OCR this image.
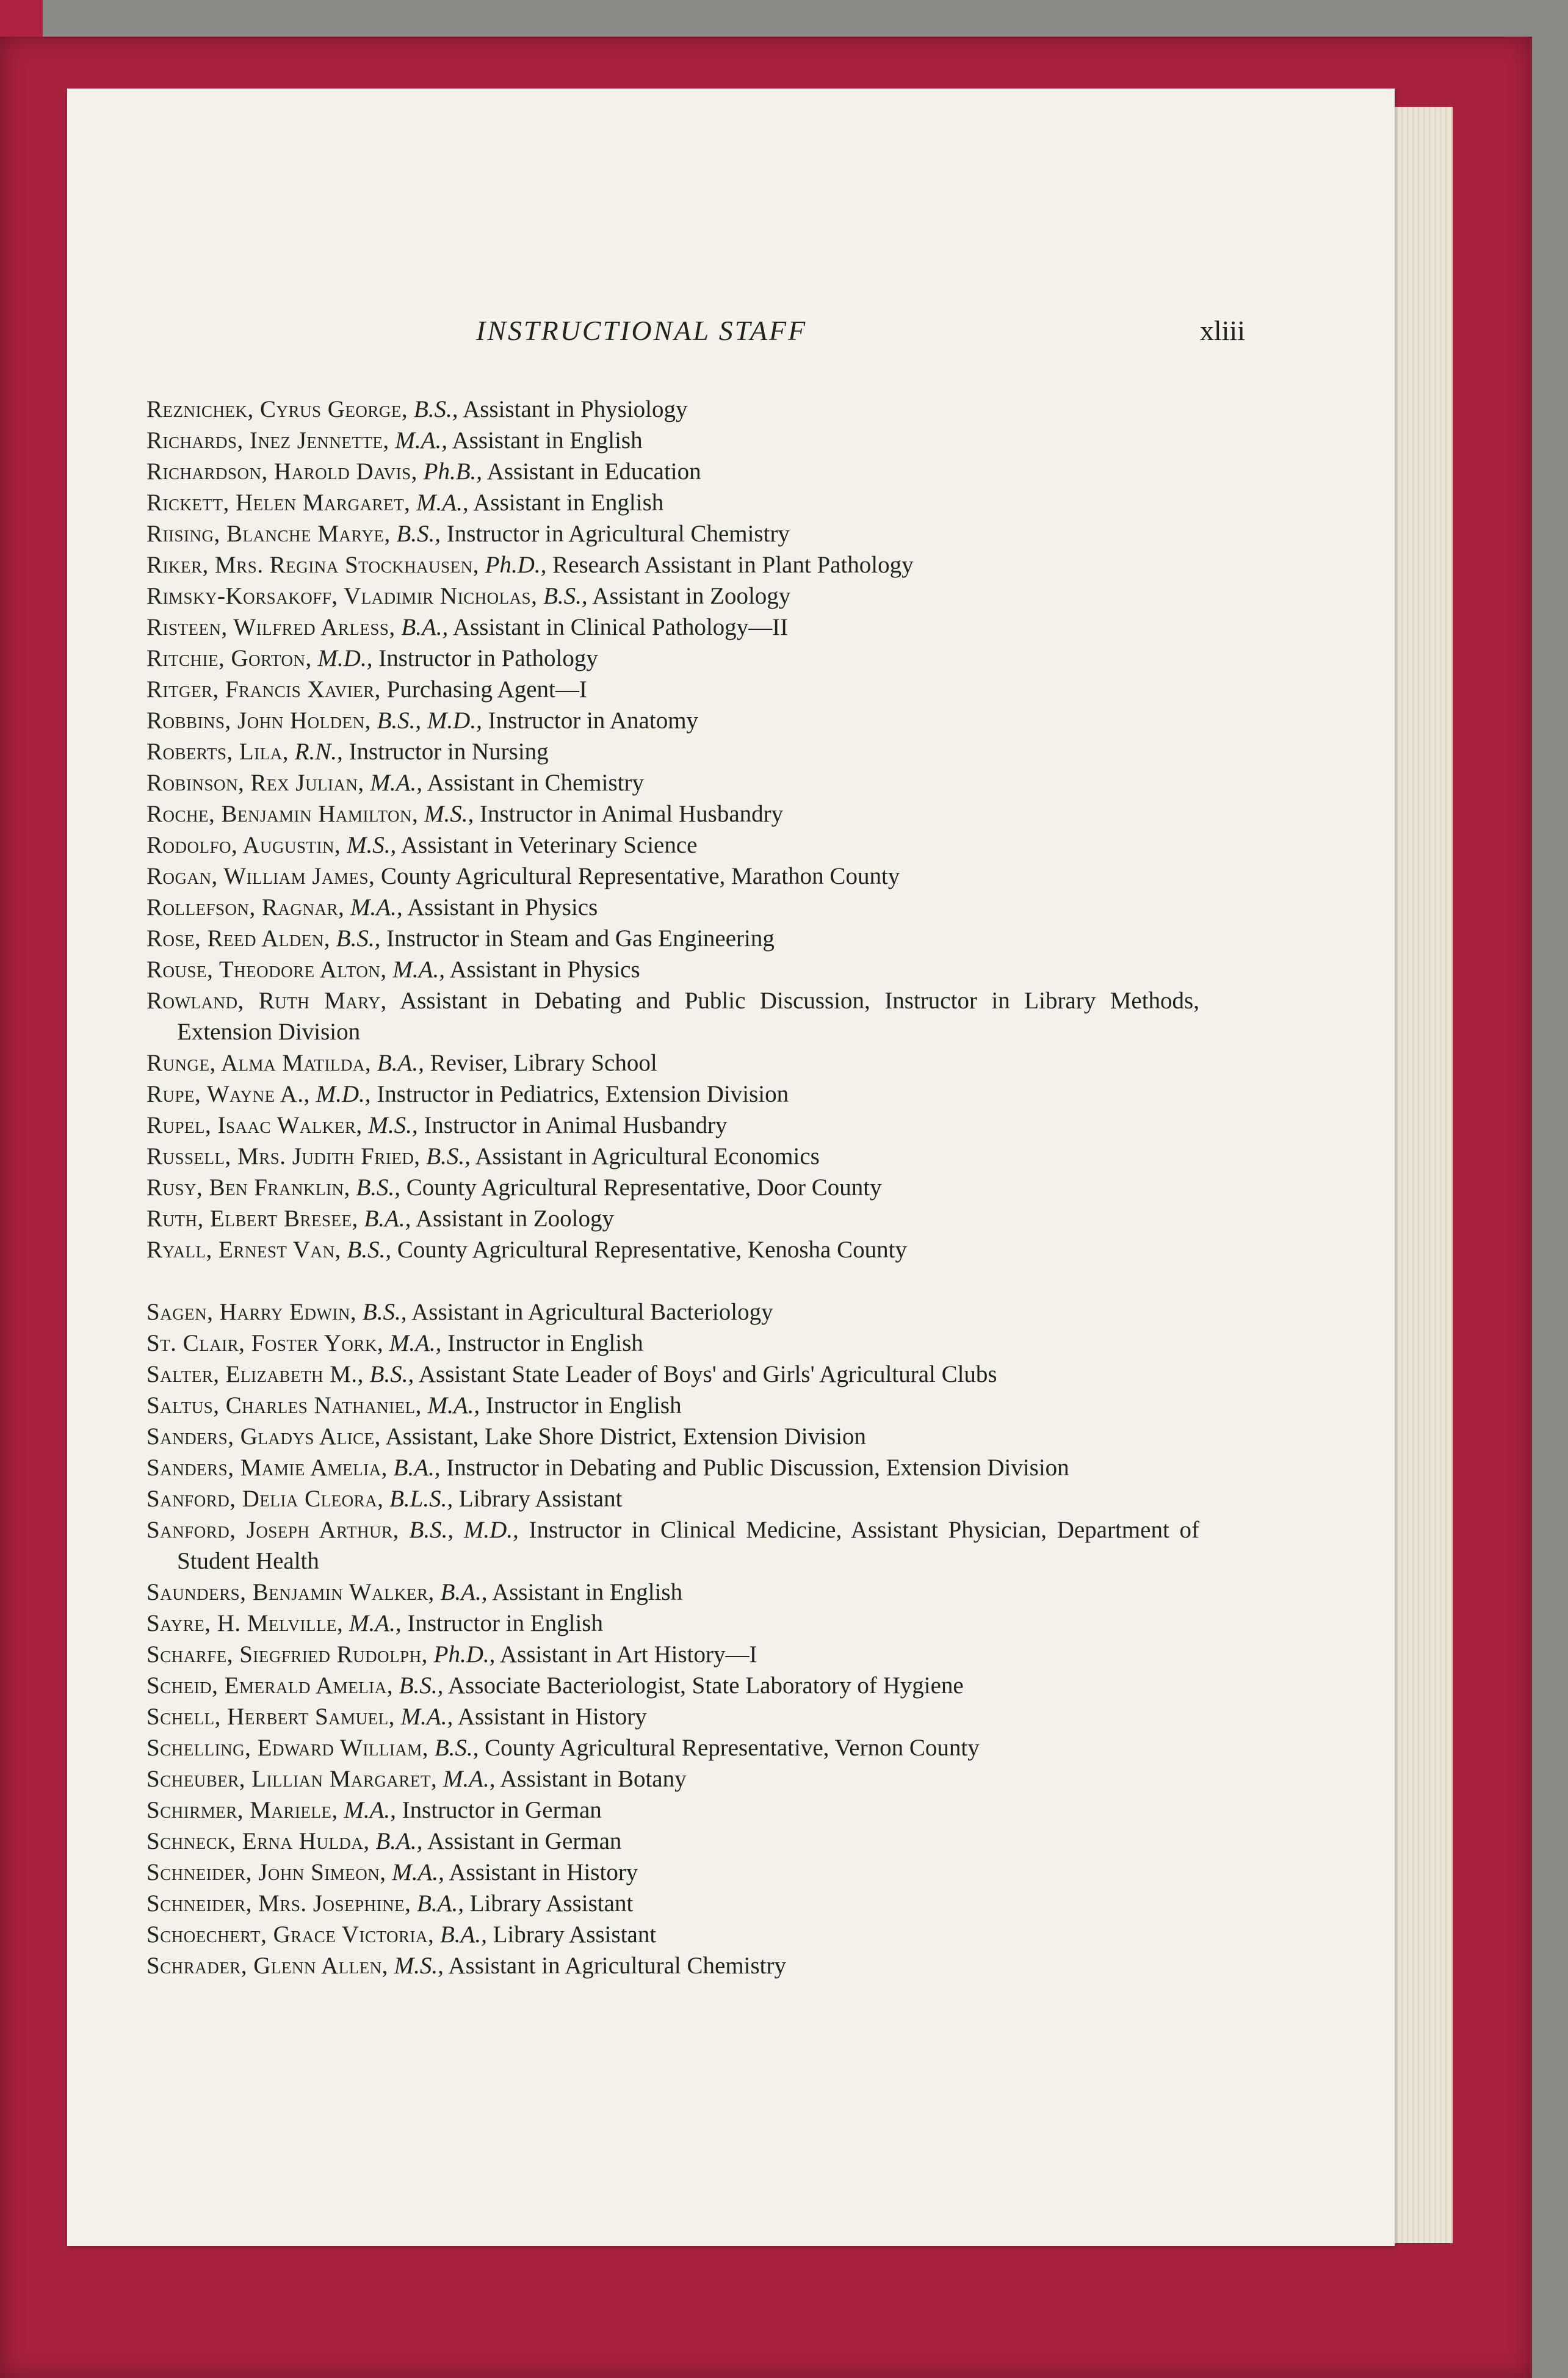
INSTRUCTIONAL STAFF	xliii
Reznichek, Cyrus George, B.S., Assistant in Physiology
Richards, Inez Jennette, M.A., Assistant in English
Richardson, Harold Davis, Ph.B., Assistant in Education
Rickett, Helen Margaret, M.A., Assistant in English
Riising, Blanche Marye, B.S., Instructor in Agricultural Chemistry
Riker, Mrs. Regina Stockhausen, Ph.D., Research Assistant in Plant Pathology
Rimsky-Korsakoff, Vladimir Nicholas, B.S., Assistant in Zoology
Risteen, Wilfred Arless, B.A., Assistant in Clinical Pathology—II
Ritchie, Gorton, M.D., Instructor in Pathology
Ritger, Francis Xavier, Purchasing Agent—I
Robbins, John Holden, B.S., M.D., Instructor in Anatomy
Roberts, Lila, R.N., Instructor in Nursing
Robinson, Rex Julian, M.A., Assistant in Chemistry
Roche, Benjamin Hamilton, M.S., Instructor in Animal Husbandry
Rodolfo, Augustin, M.S., Assistant in Veterinary Science
Rogan, William James, County Agricultural Representative, Marathon County
Rollefson, Ragnar, M.A., Assistant in Physics
Rose, Reed Alden, B.S., Instructor in Steam and Gas Engineering
Rouse, Theodore Alton, M.A., Assistant in Physics
Rowland, Ruth Mary, Assistant in Debating and Public Discussion, Instructor in Library Methods, Extension Division
Runge, Alma Matilda, B.A., Reviser, Library School
Rupe, Wayne A., M.D., Instructor in Pediatrics, Extension Division
Rupel, Isaac Walker, M.S., Instructor in Animal Husbandry
Russell, Mrs. Judith Fried, B.S., Assistant in Agricultural Economics
Rusy, Ben Franklin, B.S., County Agricultural Representative, Door County
Ruth, Elbert Bresee, B.A., Assistant in Zoology
Ryall, Ernest Van, B.S., County Agricultural Representative, Kenosha County
Sagen, Harry Edwin, B.S., Assistant in Agricultural Bacteriology
St. Clair, Foster York, M.A., Instructor in English
Salter, Elizabeth M., B.S., Assistant State Leader of Boys' and Girls' Agricultural Clubs
Saltus, Charles Nathaniel, M.A., Instructor in English
Sanders, Gladys Alice, Assistant, Lake Shore District, Extension Division
Sanders, Mamie Amelia, B.A., Instructor in Debating and Public Discussion, Extension Division
Sanford, Delia Cleora, B.L.S., Library Assistant
Sanford, Joseph Arthur, B.S., M.D., Instructor in Clinical Medicine, Assistant Physician, Department of Student Health
Saunders, Benjamin Walker, B.A., Assistant in English
Sayre, H. Melville, M.A., Instructor in English
Scharfe, Siegfried Rudolph, Ph.D., Assistant in Art History—I
Scheid, Emerald Amelia, B.S., Associate Bacteriologist, State Laboratory of Hygiene
Schell, Herbert Samuel, M.A., Assistant in History
Schelling, Edward William, B.S., County Agricultural Representative, Vernon County
Scheuber, Lillian Margaret, M.A., Assistant in Botany
Schirmer, Mariele, M.A., Instructor in German
Schneck, Erna Hulda, B.A., Assistant in German
Schneider, John Simeon, M.A., Assistant in History
Schneider, Mrs. Josephine, B.A., Library Assistant
Schoechert, Grace Victoria, B.A., Library Assistant
Schrader, Glenn Allen, M.S., Assistant in Agricultural Chemistry
